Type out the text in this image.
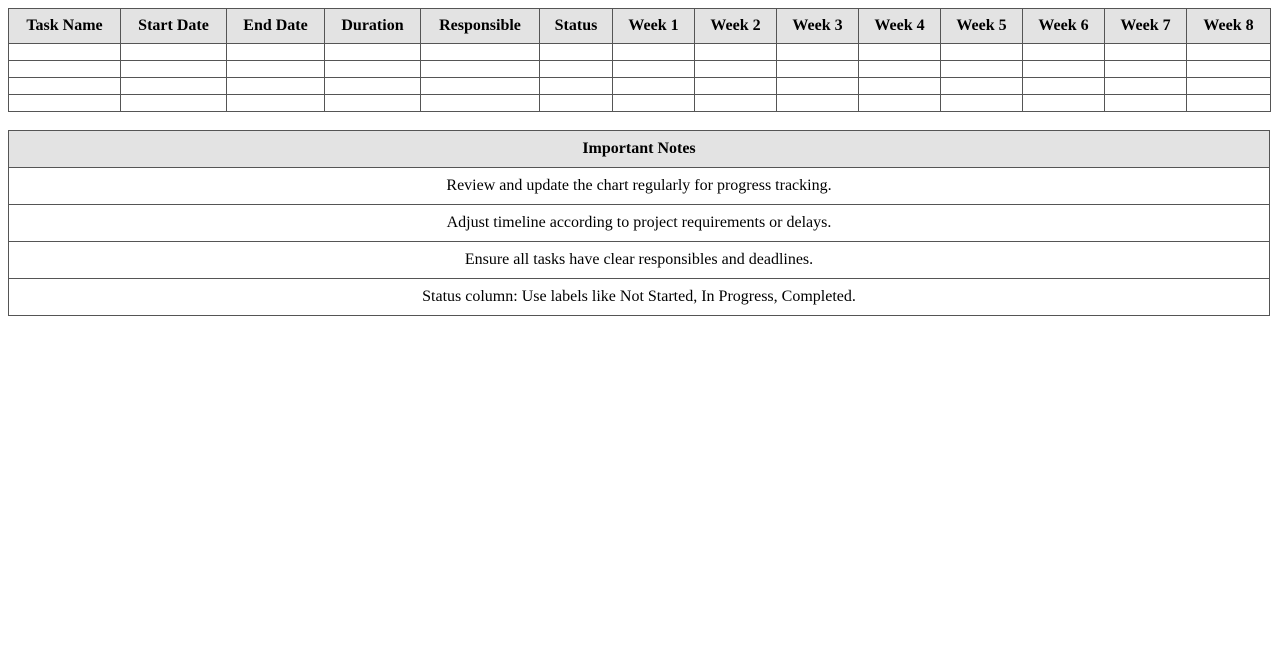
Task Name	Start Date	End Date	Duration	Responsible	Status	Week 1	Week 2	Week 3	Week 4	Week 5	Week 6	Week 7	Week 8

Important Notes
Review and update the chart regularly for progress tracking.
Adjust timeline according to project requirements or delays.
Ensure all tasks have clear responsibles and deadlines.
Status column: Use labels like Not Started, In Progress, Completed.
